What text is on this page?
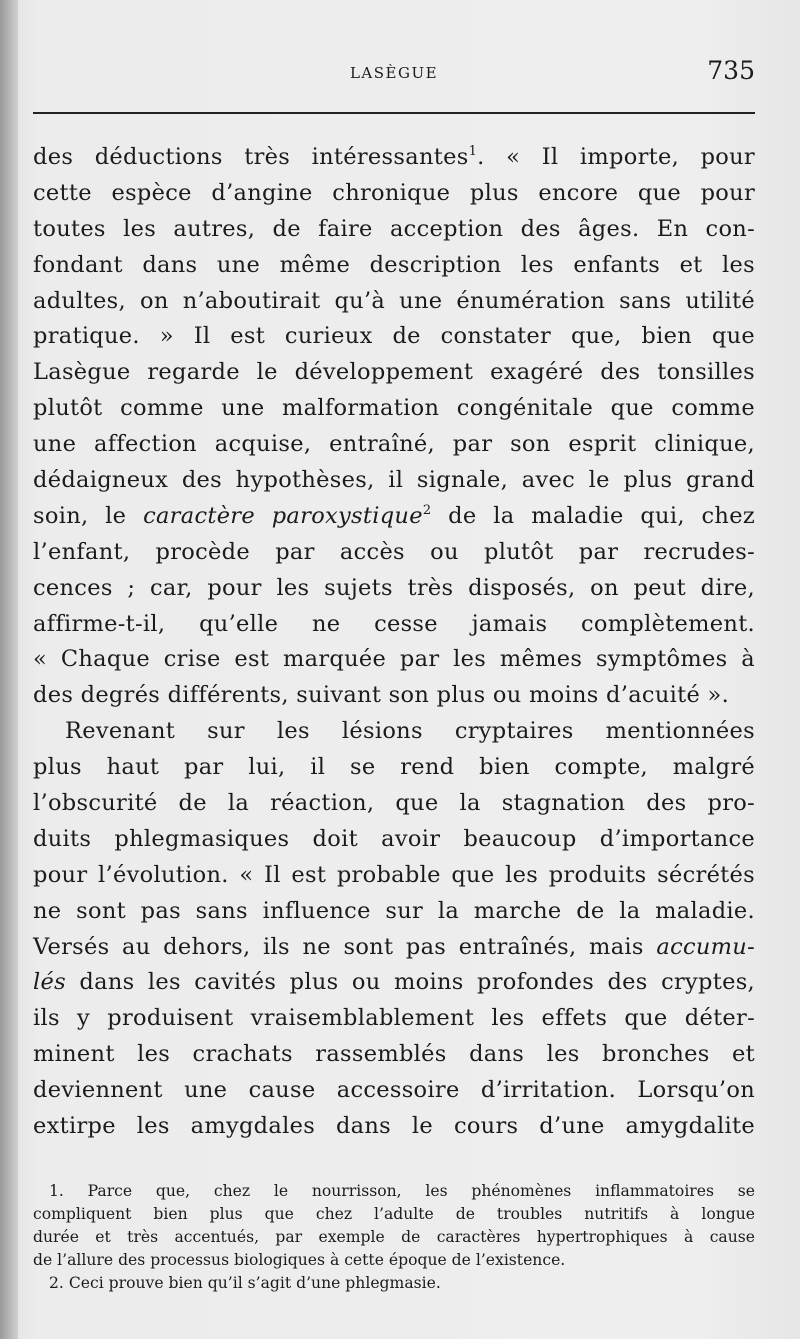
LASÈGUE	735
des déductions très intéressantes$^1$. « Il importe, pour
cette espèce d’angine chronique plus encore que pour
toutes les autres, de faire acception des âges. En con-
fondant dans une même description les enfants et les
adultes, on n’aboutirait qu’à une énumération sans utilité
pratique. » Il est curieux de constater que, bien que
Lasègue regarde le développement exagéré des tonsilles
plutôt comme une malformation congénitale que comme
une affection acquise, entraîné, par son esprit clinique,
dédaigneux des hypothèses, il signale, avec le plus grand
soin, le caractère paroxystique$^2$ de la maladie qui, chez
l’enfant, procède par accès ou plutôt par recrudes-
cences ; car, pour les sujets très disposés, on peut dire,
affirme-t-il, qu’elle ne cesse jamais complètement.
« Chaque crise est marquée par les mêmes symptômes à
des degrés différents, suivant son plus ou moins d’acuité ».
Revenant sur les lésions cryptaires mentionnées
plus haut par lui, il se rend bien compte, malgré
l’obscurité de la réaction, que la stagnation des pro-
duits phlegmasiques doit avoir beaucoup d’importance
pour l’évolution. « Il est probable que les produits sécrétés
ne sont pas sans influence sur la marche de la maladie.
Versés au dehors, ils ne sont pas entraînés, mais accumu-
lés dans les cavités plus ou moins profondes des cryptes,
ils y produisent vraisemblablement les effets que déter-
minent les crachats rassemblés dans les bronches et
deviennent une cause accessoire d’irritation. Lorsqu’on
extirpe les amygdales dans le cours d’une amygdalite
1. Parce que, chez le nourrisson, les phénomènes inflammatoires se
compliquent bien plus que chez l’adulte de troubles nutritifs à longue
durée et très accentués, par exemple de caractères hypertrophiques à cause
de l’allure des processus biologiques à cette époque de l’existence.
2. Ceci prouve bien qu’il s’agit d’une phlegmasie.
